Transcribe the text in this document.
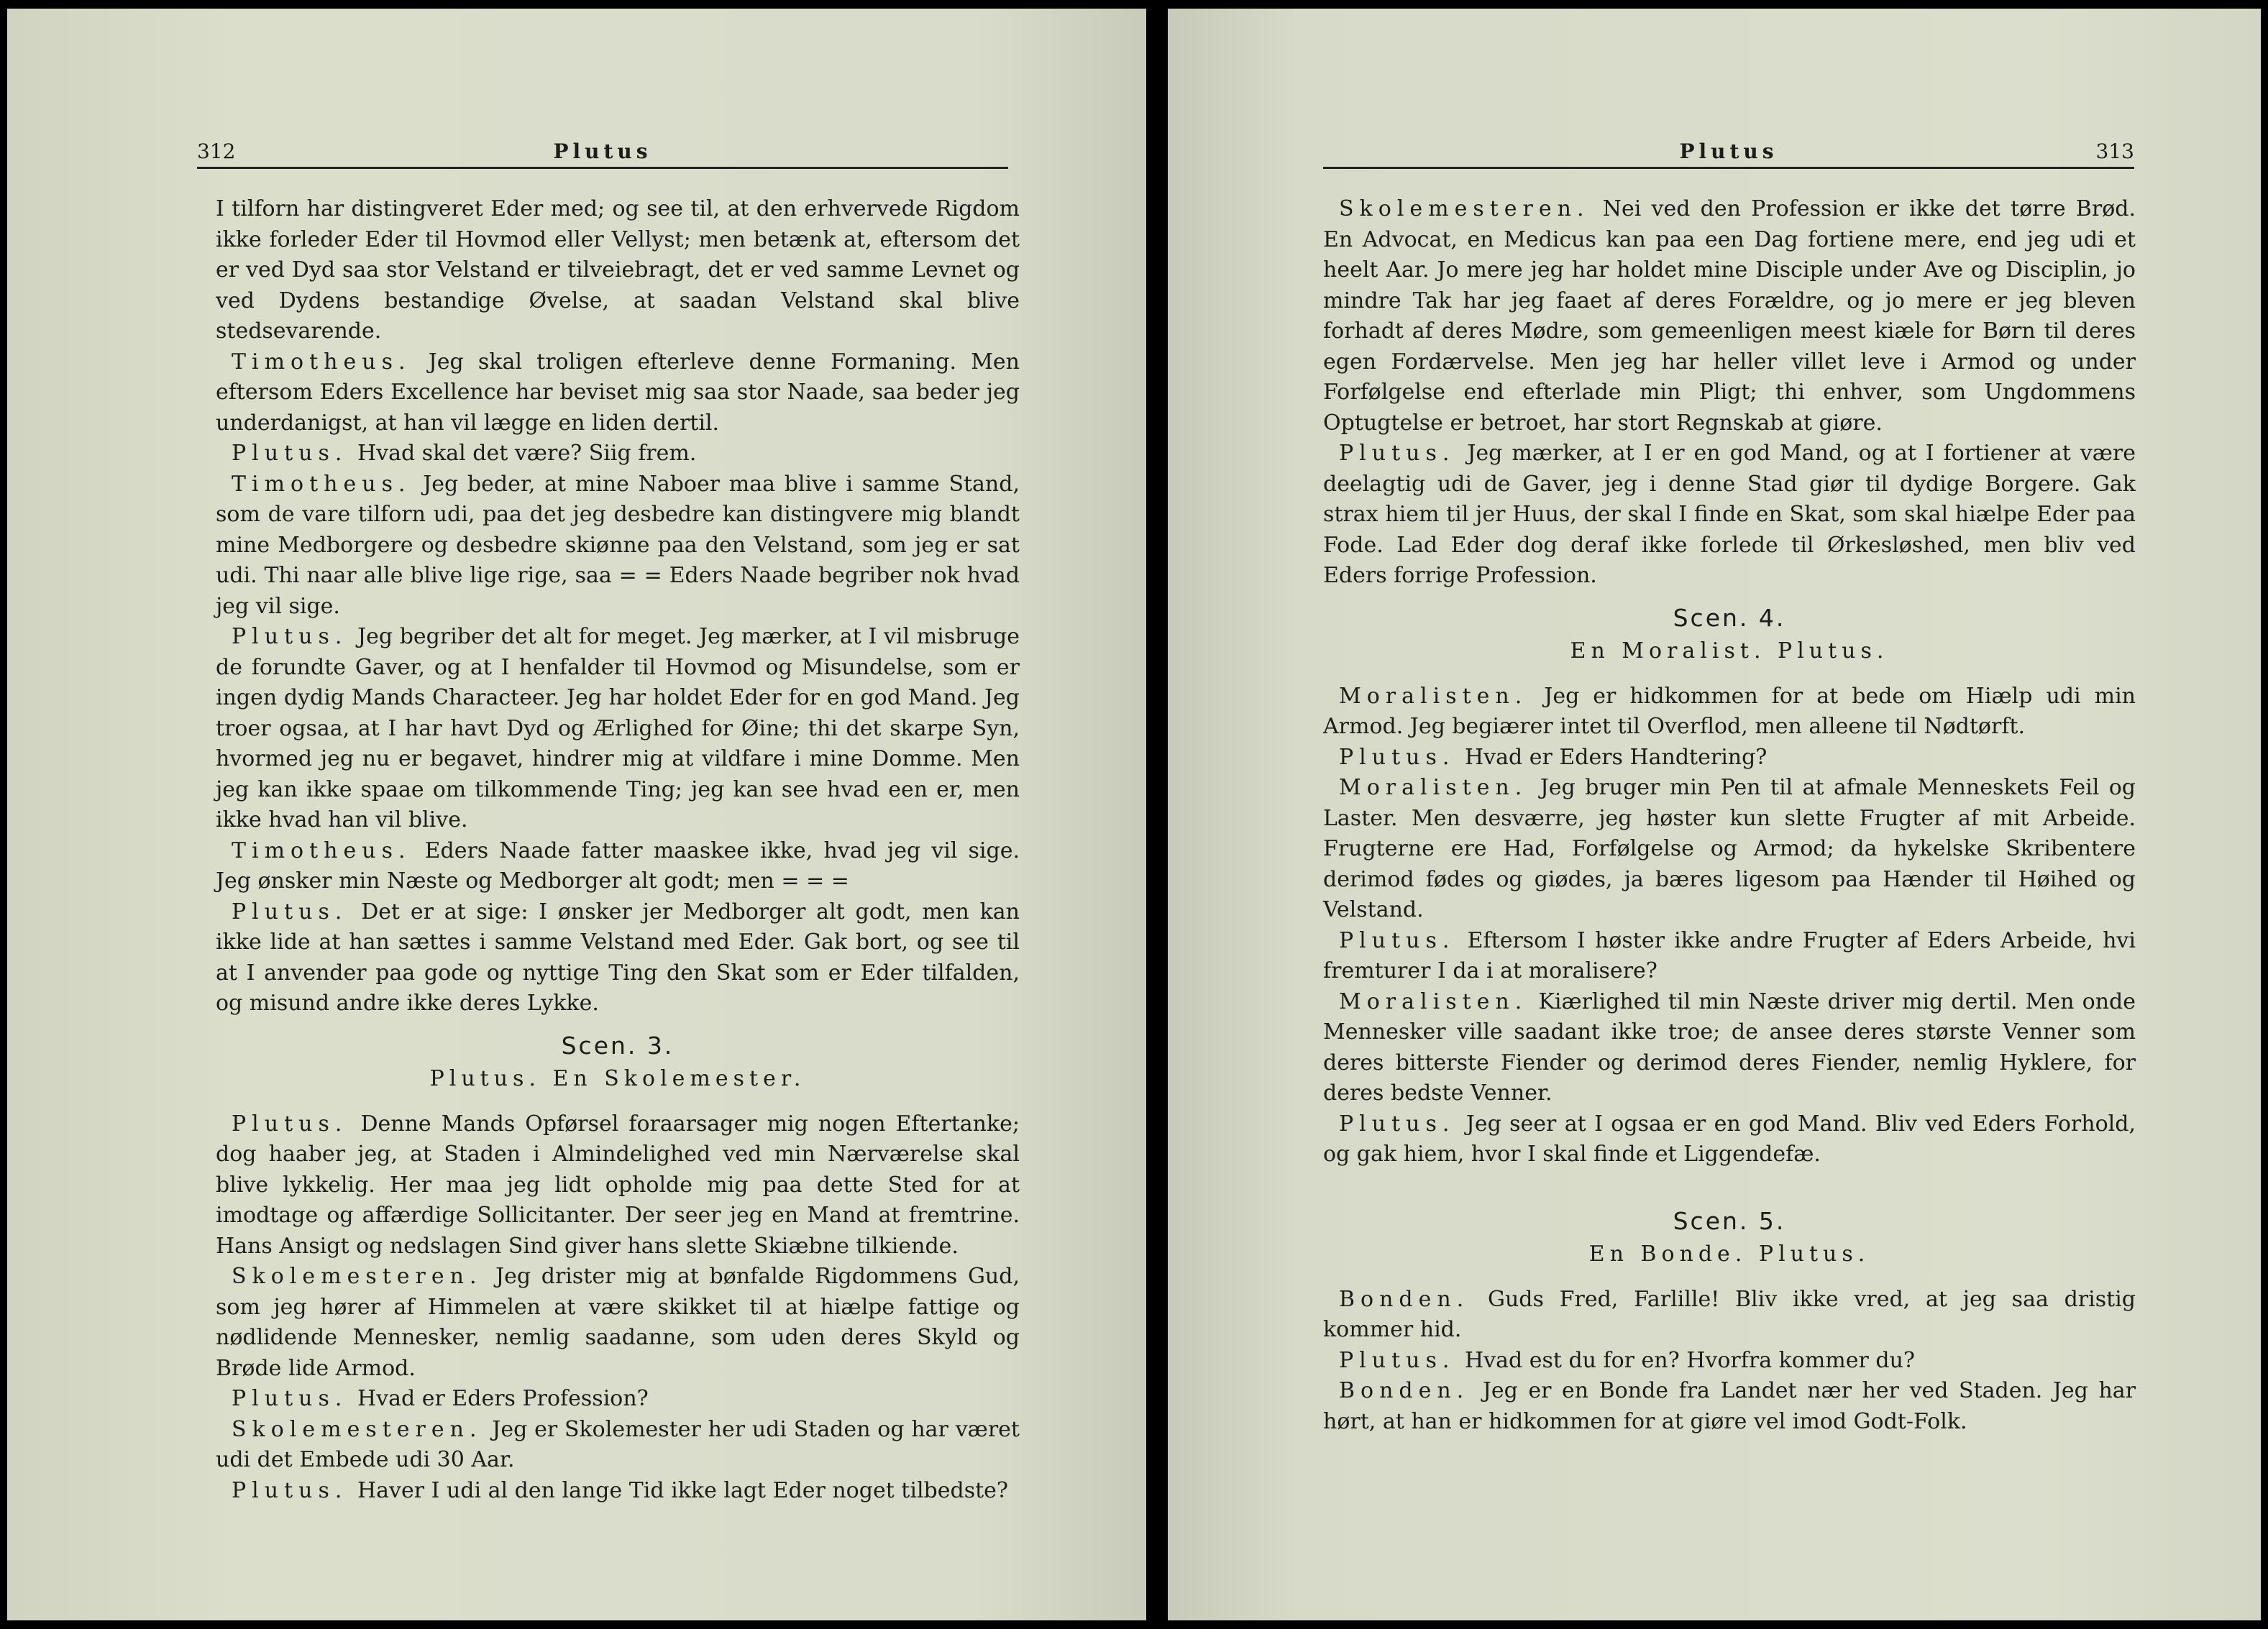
312	Plutus

I tilforn har distingveret Eder med; og see til, at den erhvervede Rigdom ikke forleder Eder til Hovmod eller Vellyst; men betænk at, eftersom det er ved Dyd saa stor Velstand er tilveiebragt, det er ved samme Levnet og ved Dydens bestandige Øvelse, at saadan Velstand skal blive stedsevarende.

Timotheus. Jeg skal troligen efterleve denne Formaning. Men eftersom Eders Excellence har beviset mig saa stor Naade, saa beder jeg underdanigst, at han vil lægge en liden dertil.

Plutus. Hvad skal det være? Siig frem.

Timotheus. Jeg beder, at mine Naboer maa blive i samme Stand, som de vare tilforn udi, paa det jeg desbedre kan distingvere mig blandt mine Medborgere og desbedre skiønne paa den Velstand, som jeg er sat udi. Thi naar alle blive lige rige, saa = = Eders Naade begriber nok hvad jeg vil sige.

Plutus. Jeg begriber det alt for meget. Jeg mærker, at I vil misbruge de forundte Gaver, og at I henfalder til Hovmod og Misundelse, som er ingen dydig Mands Characteer. Jeg har holdet Eder for en god Mand. Jeg troer ogsaa, at I har havt Dyd og Ærlighed for Øine; thi det skarpe Syn, hvormed jeg nu er begavet, hindrer mig at vildfare i mine Domme. Men jeg kan ikke spaae om tilkommende Ting; jeg kan see hvad een er, men ikke hvad han vil blive.

Timotheus. Eders Naade fatter maaskee ikke, hvad jeg vil sige. Jeg ønsker min Næste og Medborger alt godt; men = = =

Plutus. Det er at sige: I ønsker jer Medborger alt godt, men kan ikke lide at han sættes i samme Velstand med Eder. Gak bort, og see til at I anvender paa gode og nyttige Ting den Skat som er Eder tilfalden, og misund andre ikke deres Lykke.

Scen. 3.
Plutus. En Skolemester.

Plutus. Denne Mands Opførsel foraarsager mig nogen Eftertanke; dog haaber jeg, at Staden i Almindelighed ved min Nærværelse skal blive lykkelig. Her maa jeg lidt opholde mig paa dette Sted for at imodtage og affærdige Sollicitanter. Der seer jeg en Mand at fremtrine. Hans Ansigt og nedslagen Sind giver hans slette Skiæbne tilkiende.

Skolemesteren. Jeg drister mig at bønfalde Rigdommens Gud, som jeg hører af Himmelen at være skikket til at hiælpe fattige og nødlidende Mennesker, nemlig saadanne, som uden deres Skyld og Brøde lide Armod.

Plutus. Hvad er Eders Profession?

Skolemesteren. Jeg er Skolemester her udi Staden og har været udi det Embede udi 30 Aar.

Plutus. Haver I udi al den lange Tid ikke lagt Eder noget tilbedste?

Plutus	313

Skolemesteren. Nei ved den Profession er ikke det tørre Brød. En Advocat, en Medicus kan paa een Dag fortiene mere, end jeg udi et heelt Aar. Jo mere jeg har holdet mine Disciple under Ave og Disciplin, jo mindre Tak har jeg faaet af deres Forældre, og jo mere er jeg bleven forhadt af deres Mødre, som gemeenligen meest kiæle for Børn til deres egen Fordærvelse. Men jeg har heller villet leve i Armod og under Forfølgelse end efterlade min Pligt; thi enhver, som Ungdommens Optugtelse er betroet, har stort Regnskab at giøre.

Plutus. Jeg mærker, at I er en god Mand, og at I fortiener at være deelagtig udi de Gaver, jeg i denne Stad giør til dydige Borgere. Gak strax hiem til jer Huus, der skal I finde en Skat, som skal hiælpe Eder paa Fode. Lad Eder dog deraf ikke forlede til Ørkesløshed, men bliv ved Eders forrige Profession.

Scen. 4.
En Moralist. Plutus.

Moralisten. Jeg er hidkommen for at bede om Hiælp udi min Armod. Jeg begiærer intet til Overflod, men alleene til Nødtørft.

Plutus. Hvad er Eders Handtering?

Moralisten. Jeg bruger min Pen til at afmale Menneskets Feil og Laster. Men desværre, jeg høster kun slette Frugter af mit Arbeide. Frugterne ere Had, Forfølgelse og Armod; da hykelske Skribentere derimod fødes og giødes, ja bæres ligesom paa Hænder til Høihed og Velstand.

Plutus. Eftersom I høster ikke andre Frugter af Eders Arbeide, hvi fremturer I da i at moralisere?

Moralisten. Kiærlighed til min Næste driver mig dertil. Men onde Mennesker ville saadant ikke troe; de ansee deres største Venner som deres bitterste Fiender og derimod deres Fiender, nemlig Hyklere, for deres bedste Venner.

Plutus. Jeg seer at I ogsaa er en god Mand. Bliv ved Eders Forhold, og gak hiem, hvor I skal finde et Liggendefæ.

Scen. 5.
En Bonde. Plutus.

Bonden. Guds Fred, Farlille! Bliv ikke vred, at jeg saa dristig kommer hid.

Plutus. Hvad est du for en? Hvorfra kommer du?

Bonden. Jeg er en Bonde fra Landet nær her ved Staden. Jeg har hørt, at han er hidkommen for at giøre vel imod Godt-Folk.
